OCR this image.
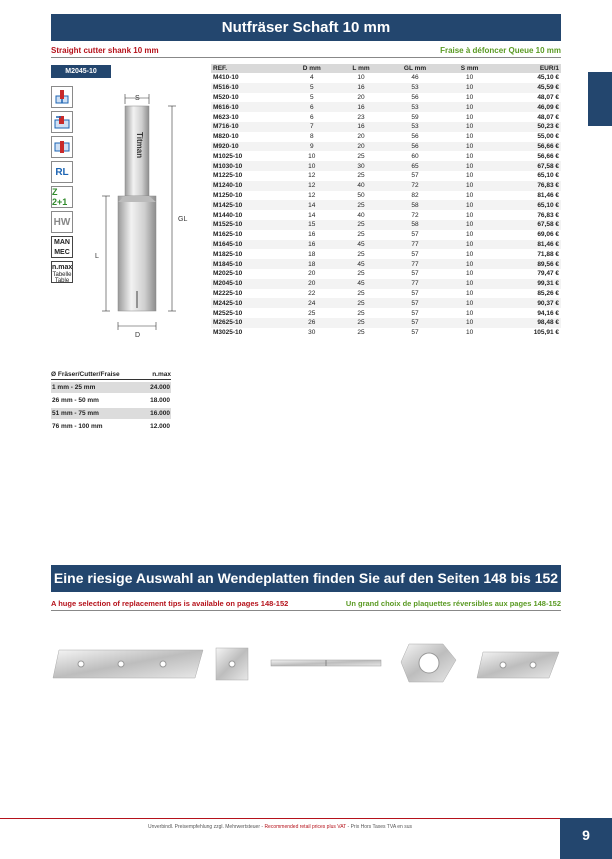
Nutfräser Schaft 10 mm
Straight cutter shank 10 mm	Fraise à défoncer Queue 10 mm
M2045-10
RL
Z 2+1
HW
MAN
MEC
n.max
Tabelle
Table
Titman
S
GL
L
D
REF.	D mm	L mm	GL mm	S mm	EUR/1
M410-10	4	10	46	10	45,10 €
M516-10	5	16	53	10	45,59 €
M520-10	5	20	56	10	48,07 €
M616-10	6	16	53	10	46,09 €
M623-10	6	23	59	10	48,07 €
M716-10	7	16	53	10	50,23 €
M820-10	8	20	56	10	55,00 €
M920-10	9	20	56	10	56,66 €
M1025-10	10	25	60	10	56,66 €
M1030-10	10	30	65	10	67,58 €
M1225-10	12	25	57	10	65,10 €
M1240-10	12	40	72	10	76,83 €
M1250-10	12	50	82	10	81,46 €
M1425-10	14	25	58	10	65,10 €
M1440-10	14	40	72	10	76,83 €
M1525-10	15	25	58	10	67,58 €
M1625-10	16	25	57	10	69,06 €
M1645-10	16	45	77	10	81,46 €
M1825-10	18	25	57	10	71,88 €
M1845-10	18	45	77	10	89,56 €
M2025-10	20	25	57	10	79,47 €
M2045-10	20	45	77	10	99,31 €
M2225-10	22	25	57	10	85,26 €
M2425-10	24	25	57	10	90,37 €
M2525-10	25	25	57	10	94,16 €
M2625-10	26	25	57	10	98,48 €
M3025-10	30	25	57	10	105,91 €
Ø Fräser/Cutter/Fraise	n.max
1 mm - 25 mm	24.000
26 mm - 50 mm	18.000
51 mm - 75 mm	16.000
76 mm - 100 mm	12.000
Eine riesige Auswahl an Wendeplatten finden Sie auf den Seiten 148 bis 152
A huge selection of replacement tips is available on pages 148-152	Un grand choix de plaquettes réversibles aux pages 148-152
Unverbindl. Preisempfehlung zzgl. Mehrwertsteuer - Recommended retail prices plus VAT - Prix Hors Taxes TVA en sus	9
